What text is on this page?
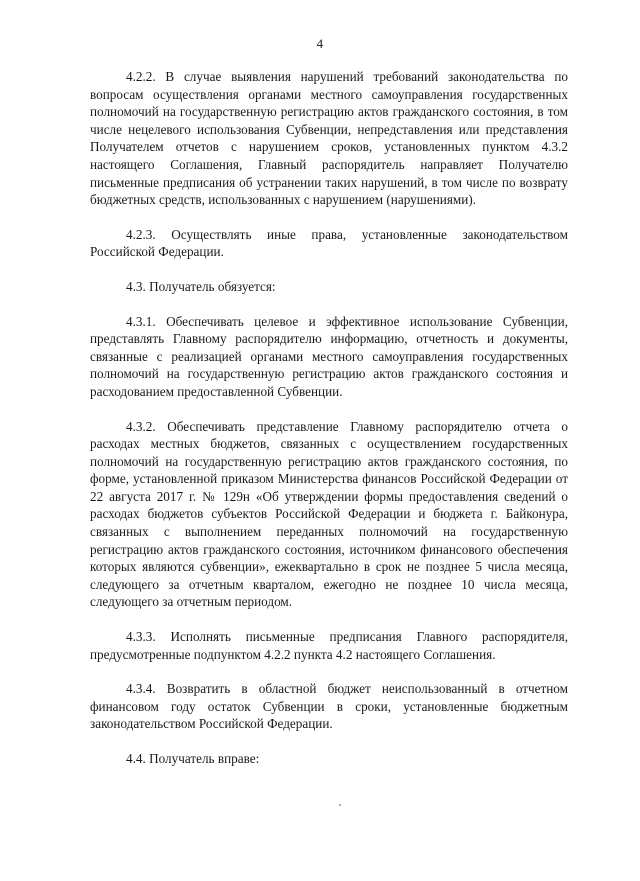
4

4.2.2. В случае выявления нарушений требований законодательства по вопросам осуществления органами местного самоуправления государственных полномочий на государственную регистрацию актов гражданского состояния, в том числе нецелевого использования Субвенции, непредставления или представления Получателем отчетов с нарушением сроков, установленных пунктом 4.3.2 настоящего Соглашения, Главный распорядитель направляет Получателю письменные предписания об устранении таких нарушений, в том числе по возврату бюджетных средств, использованных с нарушением (нарушениями).

4.2.3. Осуществлять иные права, установленные законодательством Российской Федерации.

4.3. Получатель обязуется:

4.3.1. Обеспечивать целевое и эффективное использование Субвенции, представлять Главному распорядителю информацию, отчетность и документы, связанные с реализацией органами местного самоуправления государственных полномочий на государственную регистрацию актов гражданского состояния и расходованием предоставленной Субвенции.

4.3.2. Обеспечивать представление Главному распорядителю отчета о расходах местных бюджетов, связанных с осуществлением государственных полномочий на государственную регистрацию актов гражданского состояния, по форме, установленной приказом Министерства финансов Российской Федерации от 22 августа 2017 г. № 129н «Об утверждении формы предоставления сведений о расходах бюджетов субъектов Российской Федерации и бюджета г. Байконура, связанных с выполнением переданных полномочий на государственную регистрацию актов гражданского состояния, источником финансового обеспечения которых являются субвенции», ежеквартально в срок не позднее 5 числа месяца, следующего за отчетным кварталом, ежегодно не позднее 10 числа месяца, следующего за отчетным периодом.

4.3.3. Исполнять письменные предписания Главного распорядителя, предусмотренные подпунктом 4.2.2 пункта 4.2 настоящего Соглашения.

4.3.4. Возвратить в областной бюджет неиспользованный в отчетном финансовом году остаток Субвенции в сроки, установленные бюджетным законодательством Российской Федерации.

4.4. Получатель вправе:
